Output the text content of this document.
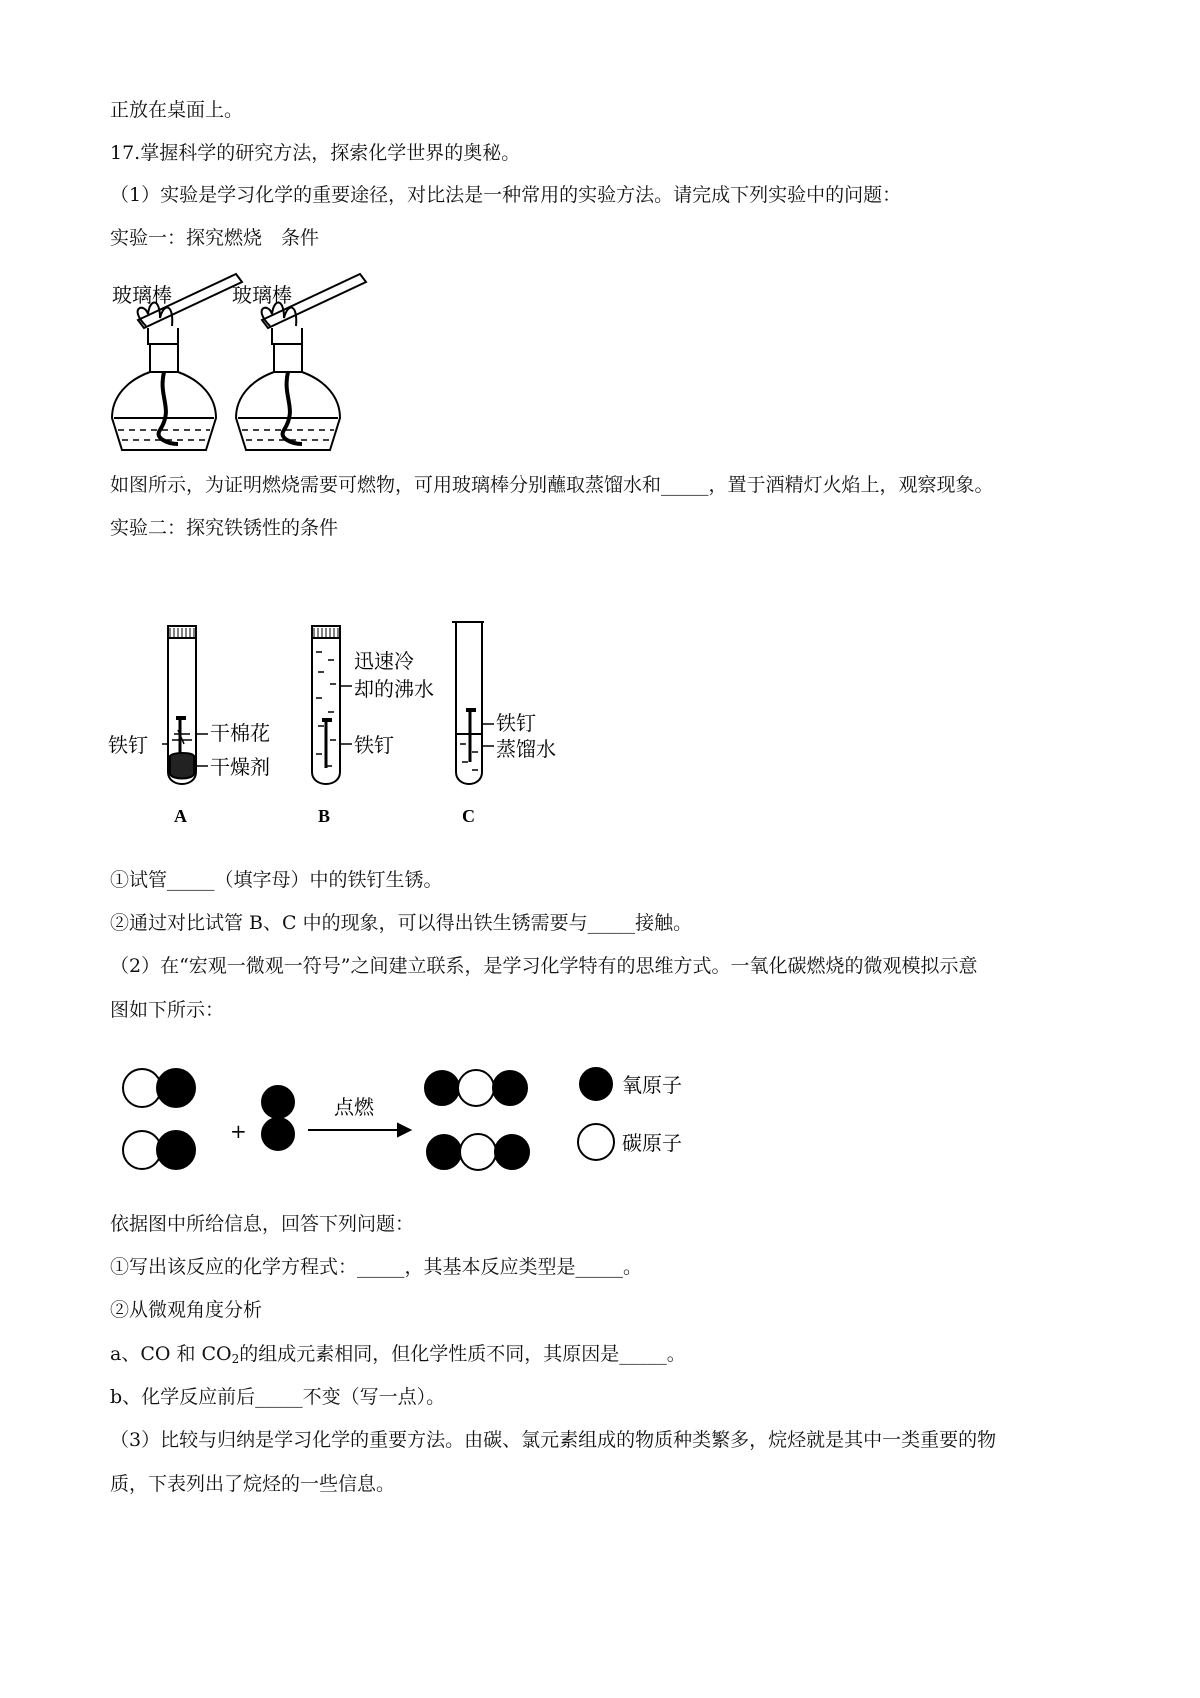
正放在桌面上。
17.掌握科学的研究方法，探索化学世界的奥秘。
（1）实验是学习化学的重要途径，对比法是一种常用的实验方法。请完成下列实验中的问题：
实验一：探究燃烧　条件
玻璃棒	玻璃棒
如图所示，为证明燃烧需要可燃物，可用玻璃棒分别蘸取蒸馏水和_____，置于酒精灯火焰上，观察现象。
实验二：探究铁锈性的条件
铁钉	干棉花
干燥剂
迅速冷
却的沸水
铁钉
铁钉
蒸馏水
A	B	C
①试管_____（填字母）中的铁钉生锈。
②通过对比试管 B、C 中的现象，可以得出铁生锈需要与_____接触。
（2）在“宏观一微观一符号”之间建立联系，是学习化学特有的思维方式。一氧化碳燃烧的微观模拟示意
图如下所示：
+
点燃
氧原子
碳原子
依据图中所给信息，回答下列问题：
①写出该反应的化学方程式：_____，其基本反应类型是_____。
②从微观角度分析
a、CO 和 $CO_2$的组成元素相同，但化学性质不同，其原因是_____。
b、化学反应前后_____不变（写一点）。
（3）比较与归纳是学习化学的重要方法。由碳、氯元素组成的物质种类繁多，烷烃就是其中一类重要的物
质，下表列出了烷烃的一些信息。
